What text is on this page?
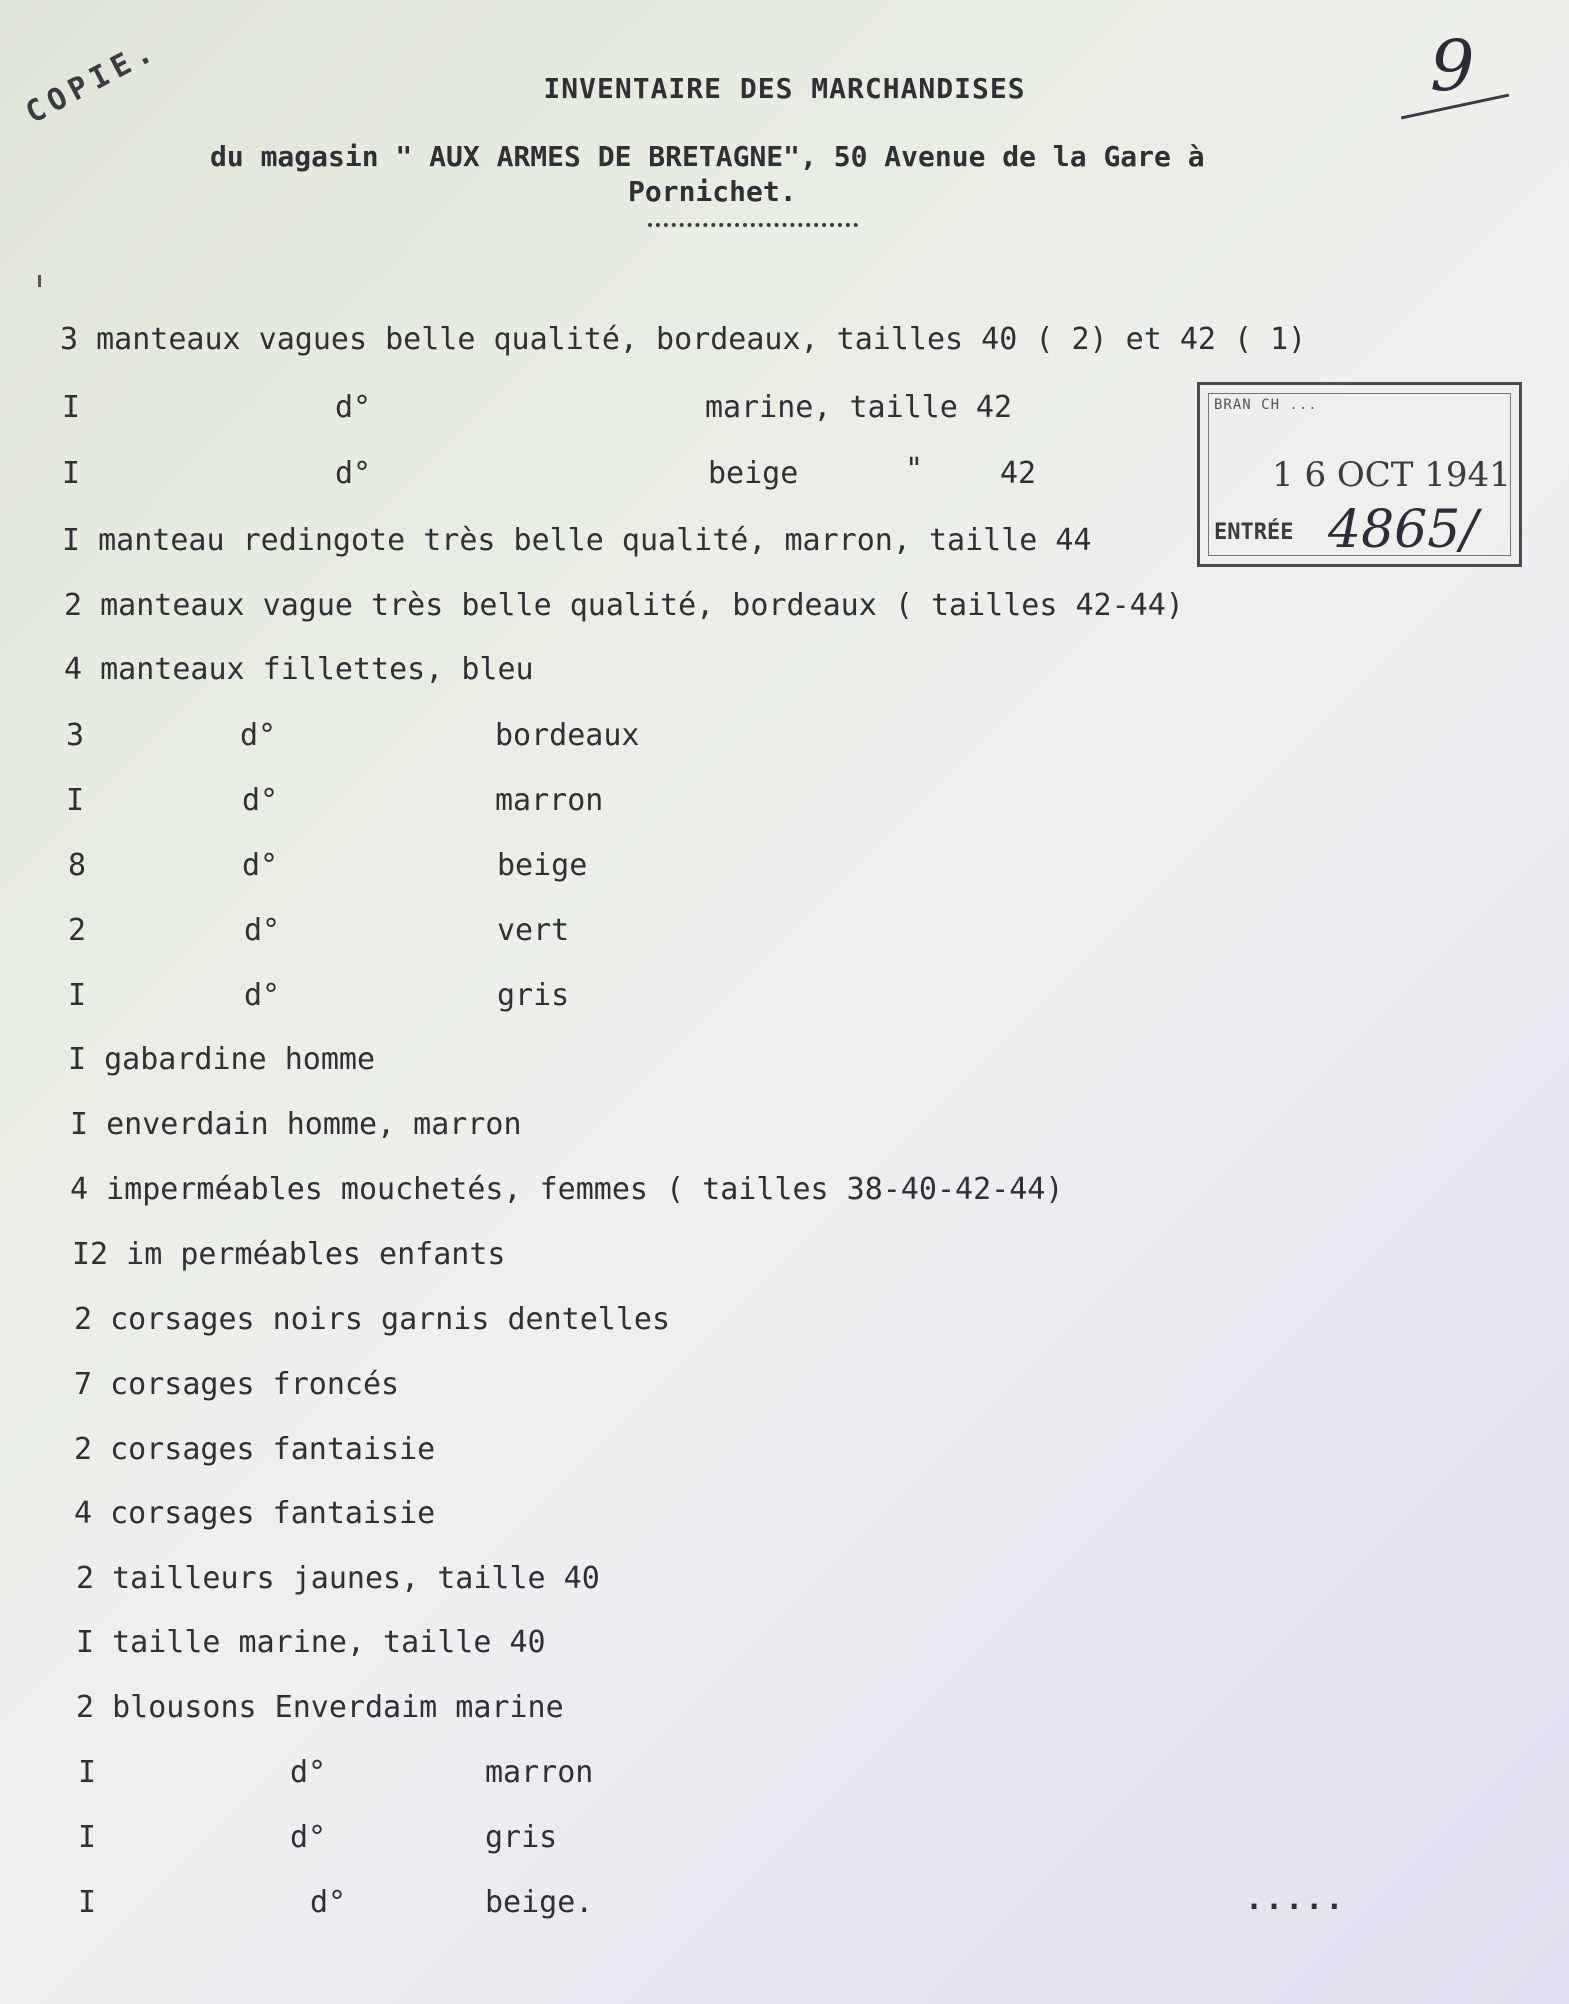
COPIE.	9
INVENTAIRE DES MARCHANDISES
du magasin " AUX ARMES DE BRETAGNE", 50 Avenue de la Gare à
Pornichet.
3 manteaux vagues belle qualité, bordeaux, tailles 40 ( 2) et 42 ( 1)
I	d°	marine, taille 42
I	d°	beige	"	42
I manteau redingote très belle qualité, marron, taille 44
2 manteaux vague très belle qualité, bordeaux ( tailles 42-44)
4 manteaux fillettes, bleu
3	d°	bordeaux
I	d°	marron
8	d°	beige
2	d°	vert
I	d°	gris
I gabardine homme
I enverdain homme, marron
4 imperméables mouchetés, femmes ( tailles 38-40-42-44)
I2 im perméables enfants
2 corsages noirs garnis dentelles
7 corsages froncés
2 corsages fantaisie
4 corsages fantaisie
2 tailleurs jaunes, taille 40
I taille marine, taille 40
2 blousons Enverdaim marine
I	d°	marron
I	d°	gris
I	d°	beige.	.....
BRAN CH ...
1 6 OCT 1941
ENTRÉE 4865/
